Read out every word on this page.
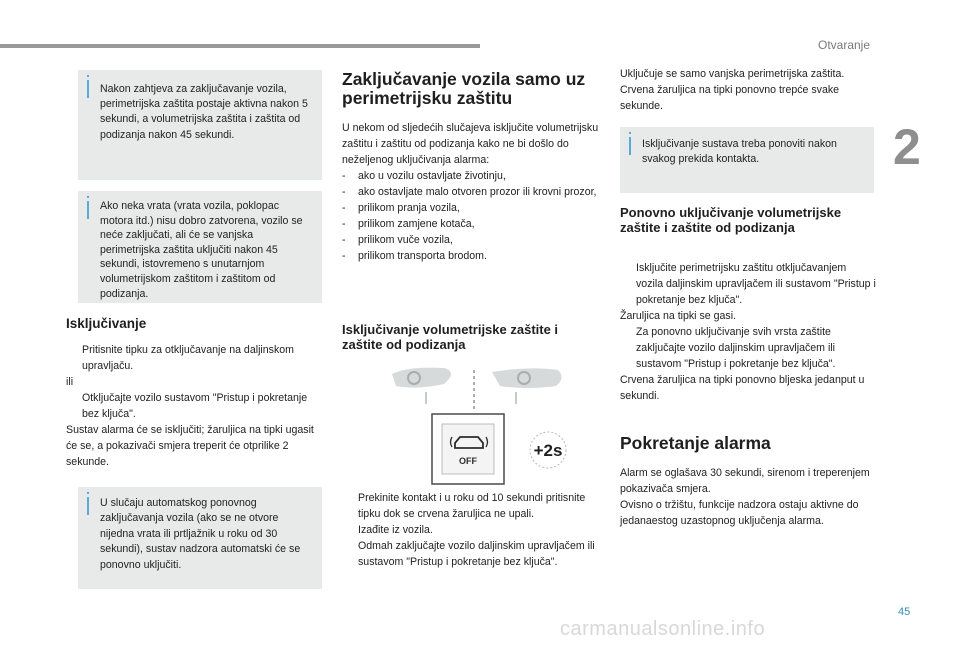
Otvaranje
2
Nakon zahtjeva za zaključavanje vozila, perimetrijska zaštita postaje aktivna nakon 5 sekundi, a volumetrijska zaštita i zaštita od podizanja nakon 45 sekundi.
Ako neka vrata (vrata vozila, poklopac motora itd.) nisu dobro zatvorena, vozilo se neće zaključati, ali će se vanjska perimetrijska zaštita uključiti nakon 45 sekundi, istovremeno s unutarnjom volumetrijskom zaštitom i zaštitom od podizanja.
Isključivanje
Pritisnite tipku za otključavanje na daljinskom upravljaču.

ili

Otključajte vozilo sustavom "Pristup i pokretanje bez ključa".

Sustav alarma će se isključiti; žaruljica na tipki ugasit će se, a pokazivači smjera treperit će otprilike 2 sekunde.

U slučaju automatskog ponovnog zaključavanja vozila (ako se ne otvore nijedna vrata ili prtljažnik u roku od 30 sekundi), sustav nadzora automatski će se ponovno uključiti.
Zaključavanje vozila samo uz perimetrijsku zaštitu

U nekom od sljedećih slučajeva isključite volumetrijsku zaštitu i zaštitu od podizanja kako ne bi došlo do neželjenog uključivanja alarma:

-	ako u vozilu ostavljate životinju,
-	ako ostavljate malo otvoren prozor ili krovni prozor,
-	prilikom pranja vozila,
-	prilikom zamjene kotača,
-	prilikom vuče vozila,
-	prilikom transporta brodom.
Isključivanje volumetrijske zaštite i zaštite od podizanja
OFF
+2s
Prekinite kontakt i u roku od 10 sekundi pritisnite tipku dok se crvena žaruljica ne upali.
Izađite iz vozila.
Odmah zaključajte vozilo daljinskim upravljačem ili sustavom "Pristup i pokretanje bez ključa".
Uključuje se samo vanjska perimetrijska zaštita. Crvena žaruljica na tipki ponovno trepće svake sekunde.
Isključivanje sustava treba ponoviti nakon svakog prekida kontakta.
Ponovno uključivanje volumetrijske zaštite i zaštite od podizanja
Isključite perimetrijsku zaštitu otključavanjem vozila daljinskim upravljačem ili sustavom "Pristup i pokretanje bez ključa".

Žaruljica na tipki se gasi.

Za ponovno uključivanje svih vrsta zaštite zaključajte vozilo daljinskim upravljačem ili sustavom "Pristup i pokretanje bez ključa".

Crvena žaruljica na tipki ponovno bljeska jedanput u sekundi.

Pokretanje alarma

Alarm se oglašava 30 sekundi, sirenom i treperenjem pokazivača smjera.

Ovisno o tržištu, funkcije nadzora ostaju aktivne do jedanaestog uzastopnog uključenja alarma.

45
carmanualsonline.info
